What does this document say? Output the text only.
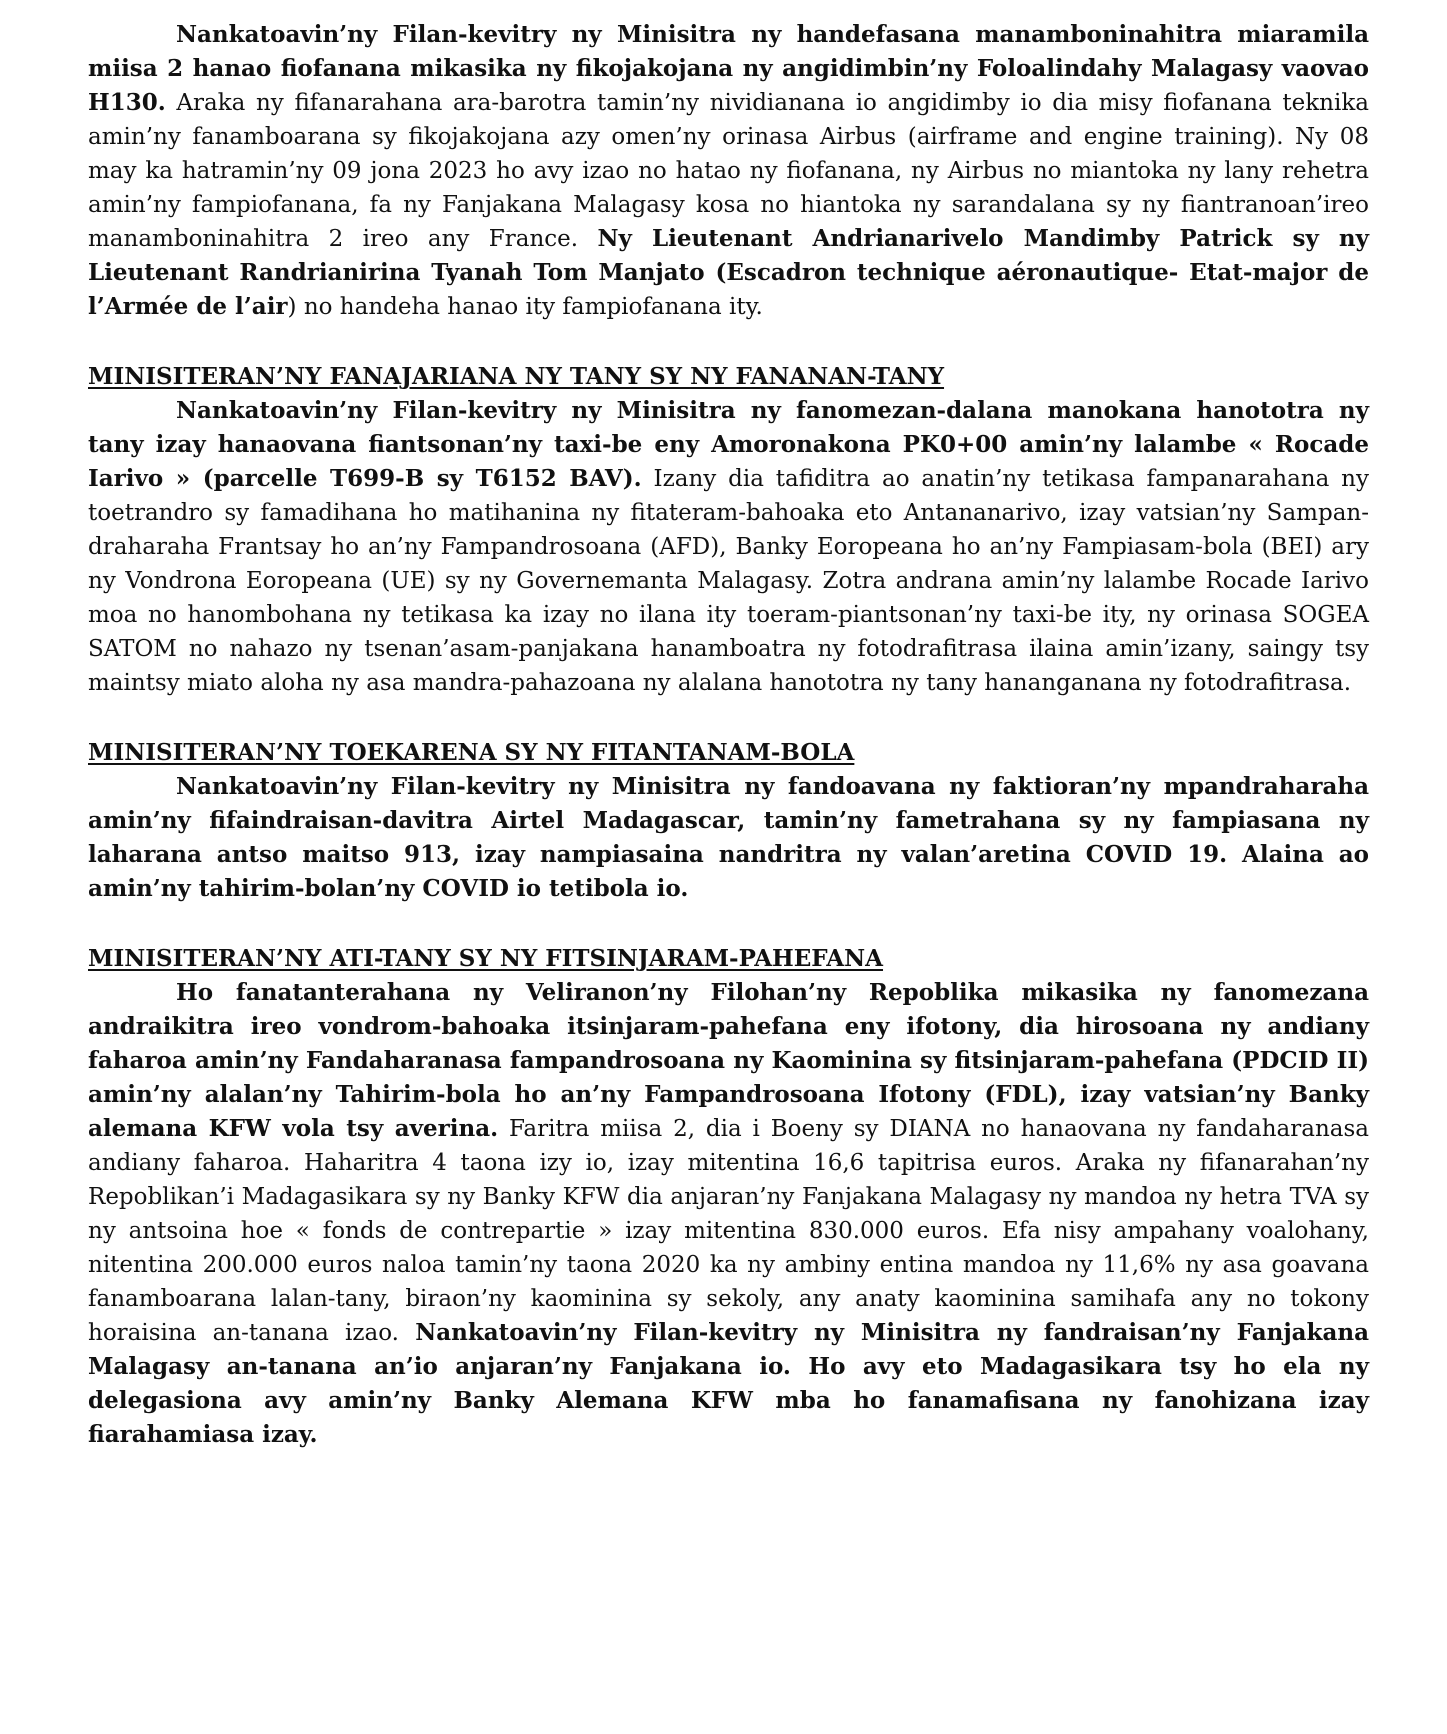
Nankatoavin’ny Filan-kevitry ny Minisitra ny handefasana manamboninahitra miaramila miisa 2 hanao fiofanana mikasika ny fikojakojana ny angidimbin’ny Foloalindahy Malagasy vaovao H130. Araka ny fifanarahana ara-barotra tamin’ny nividianana io angidimby io dia misy fiofanana teknika amin’ny fanamboarana sy fikojakojana azy omen’ny orinasa Airbus (airframe and engine training). Ny 08 may ka hatramin’ny 09 jona 2023 ho avy izao no hatao ny fiofanana, ny Airbus no miantoka ny lany rehetra amin’ny fampiofanana, fa ny Fanjakana Malagasy kosa no hiantoka ny sarandalana sy ny fiantranoan’ireo manamboninahitra 2 ireo any France. Ny Lieutenant Andrianarivelo Mandimby Patrick sy ny Lieutenant Randrianirina Tyanah Tom Manjato (Escadron technique aéronautique- Etat-major de l’Armée de l’air) no handeha hanao ity fampiofanana ity.

MINISITERAN’NY FANAJARIANA NY TANY SY NY FANANAN-TANY

Nankatoavin’ny Filan-kevitry ny Minisitra ny fanomezan-dalana manokana hanototra ny tany izay hanaovana fiantsonan’ny taxi-be eny Amoronakona PK0+00 amin’ny lalambe « Rocade Iarivo » (parcelle T699-B sy T6152 BAV). Izany dia tafiditra ao anatin’ny tetikasa fampanarahana ny toetrandro sy famadihana ho matihanina ny fitateram-bahoaka eto Antananarivo, izay vatsian’ny Sampan-draharaha Frantsay ho an’ny Fampandrosoana (AFD), Banky Eoropeana ho an’ny Fampiasam-bola (BEI) ary ny Vondrona Eoropeana (UE) sy ny Governemanta Malagasy. Zotra andrana amin’ny lalambe Rocade Iarivo moa no hanombohana ny tetikasa ka izay no ilana ity toeram-piantsonan’ny taxi-be ity, ny orinasa SOGEA SATOM no nahazo ny tsenan’asam-panjakana hanamboatra ny fotodrafitrasa ilaina amin’izany, saingy tsy maintsy miato aloha ny asa mandra-pahazoana ny alalana hanototra ny tany hananganana ny fotodrafitrasa.

MINISITERAN’NY TOEKARENA SY NY FITANTANAM-BOLA

Nankatoavin’ny Filan-kevitry ny Minisitra ny fandoavana ny faktioran’ny mpandraharaha amin’ny fifaindraisan-davitra Airtel Madagascar, tamin’ny fametrahana sy ny fampiasana ny laharana antso maitso 913, izay nampiasaina nandritra ny valan’aretina COVID 19. Alaina ao amin’ny tahirim-bolan’ny COVID io tetibola io.

MINISITERAN’NY ATI-TANY SY NY FITSINJARAM-PAHEFANA

Ho fanatanterahana ny Veliranon’ny Filohan’ny Repoblika mikasika ny fanomezana andraikitra ireo vondrom-bahoaka itsinjaram-pahefana eny ifotony, dia hirosoana ny andiany faharoa amin’ny Fandaharanasa fampandrosoana ny Kaominina sy fitsinjaram-pahefana (PDCID II) amin’ny alalan’ny Tahirim-bola ho an’ny Fampandrosoana Ifotony (FDL), izay vatsian’ny Banky alemana KFW vola tsy averina. Faritra miisa 2, dia i Boeny sy DIANA no hanaovana ny fandaharanasa andiany faharoa. Haharitra 4 taona izy io, izay mitentina 16,6 tapitrisa euros. Araka ny fifanarahan’ny Repoblikan’i Madagasikara sy ny Banky KFW dia anjaran’ny Fanjakana Malagasy ny mandoa ny hetra TVA sy ny antsoina hoe « fonds de contrepartie » izay mitentina 830.000 euros. Efa nisy ampahany voalohany, nitentina 200.000 euros naloa tamin’ny taona 2020 ka ny ambiny entina mandoa ny 11,6% ny asa goavana fanamboarana lalan-tany, biraon’ny kaominina sy sekoly, any anaty kaominina samihafa any no tokony horaisina an-tanana izao. Nankatoavin’ny Filan-kevitry ny Minisitra ny fandraisan’ny Fanjakana Malagasy an-tanana an’io anjaran’ny Fanjakana io. Ho avy eto Madagasikara tsy ho ela ny delegasiona avy amin’ny Banky Alemana KFW mba ho fanamafisana ny fanohizana izay fiarahamiasa izay.
